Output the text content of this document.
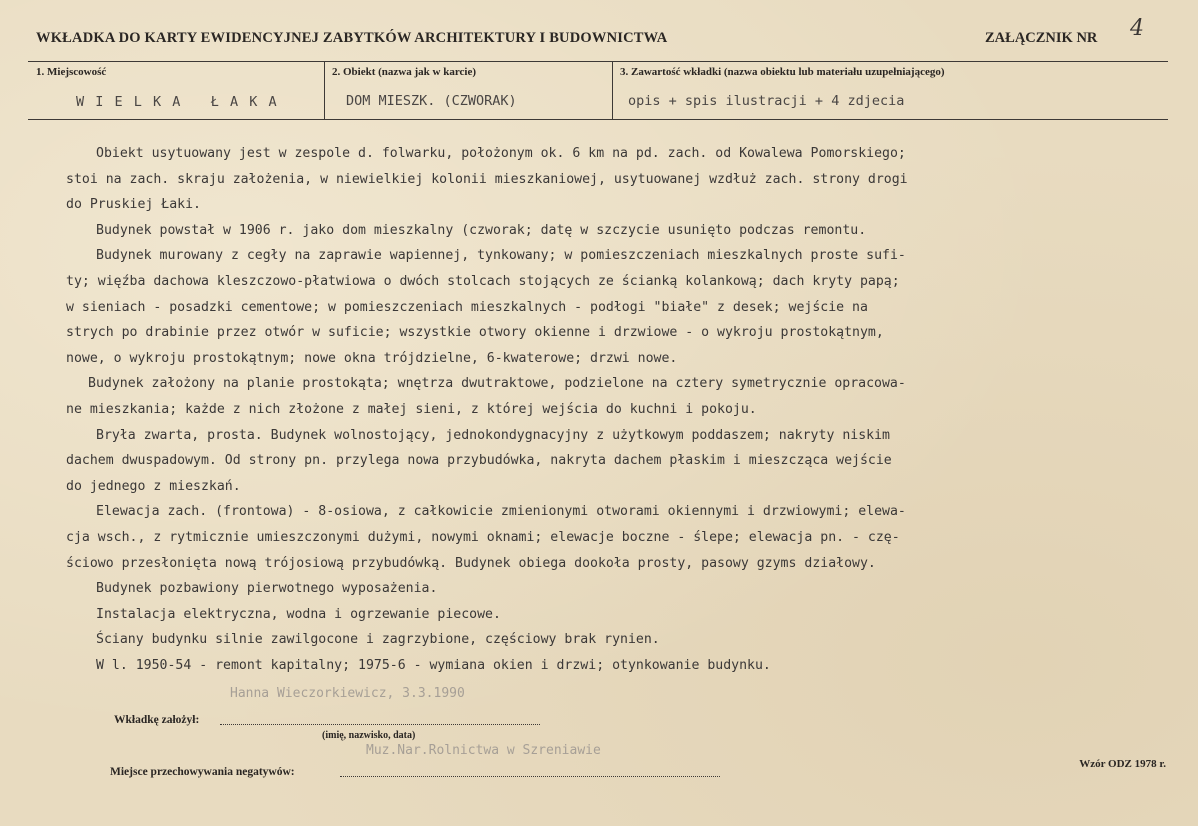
WKŁADKA DO KARTY EWIDENCYJNEJ ZABYTKÓW ARCHITEKTURY I BUDOWNICTWA	ZAŁĄCZNIK NR 4
1. Miejscowość
W I E L K A   Ł A K A
2. Obiekt (nazwa jak w karcie)
DOM MIESZK. (CZWORAK)
3. Zawartość wkładki (nazwa obiektu lub materiału uzupełniającego)
opis + spis ilustracji + 4 zdjecia

Obiekt usytuowany jest w zespole d. folwarku, położonym ok. 6 km na pd. zach. od Kowalewa Pomorskiego;

stoi na zach. skraju założenia, w niewielkiej kolonii mieszkaniowej, usytuowanej wzdłuż zach. strony drogi

do Pruskiej Łaki.

Budynek powstał w 1906 r. jako dom mieszkalny (czworak; datę w szczycie usunięto podczas remontu.

Budynek murowany z cegły na zaprawie wapiennej, tynkowany; w pomieszczeniach mieszkalnych proste sufi-

ty; więźba dachowa kleszczowo-płatwiowa o dwóch stolcach stojących ze ścianką kolankową; dach kryty papą;

w sieniach - posadzki cementowe; w pomieszczeniach mieszkalnych - podłogi "białe" z desek; wejście na

strych po drabinie przez otwór w suficie; wszystkie otwory okienne i drzwiowe - o wykroju prostokątnym,

nowe, o wykroju prostokątnym; nowe okna trójdzielne, 6-kwaterowe; drzwi nowe.

Budynek założony na planie prostokąta; wnętrza dwutraktowe, podzielone na cztery symetrycznie opracowa-

ne mieszkania; każde z nich złożone z małej sieni, z której wejścia do kuchni i pokoju.

Bryła zwarta, prosta. Budynek wolnostojący, jednokondygnacyjny z użytkowym poddaszem; nakryty niskim

dachem dwuspadowym. Od strony pn. przylega nowa przybudówka, nakryta dachem płaskim i mieszcząca wejście

do jednego z mieszkań.

Elewacja zach. (frontowa) - 8-osiowa, z całkowicie zmienionymi otworami okiennymi i drzwiowymi; elewa-

cja wsch., z rytmicznie umieszczonymi dużymi, nowymi oknami; elewacje boczne - ślepe; elewacja pn. - czę-

ściowo przesłonięta nową trójosiową przybudówką. Budynek obiega dookoła prosty, pasowy gzyms działowy.

Budynek pozbawiony pierwotnego wyposażenia.

Instalacja elektryczna, wodna i ogrzewanie piecowe.

Ściany budynku silnie zawilgocone i zagrzybione, częściowy brak rynien.

W l. 1950-54 - remont kapitalny; 1975-6 - wymiana okien i drzwi; otynkowanie budynku.

Hanna Wieczorkiewicz, 3.3.1990
Wkładkę założył:
(imię, nazwisko, data)
Muz.Nar.Rolnictwa w Szreniawie
Miejsce przechowywania negatywów:
Wzór ODZ 1978 r.
